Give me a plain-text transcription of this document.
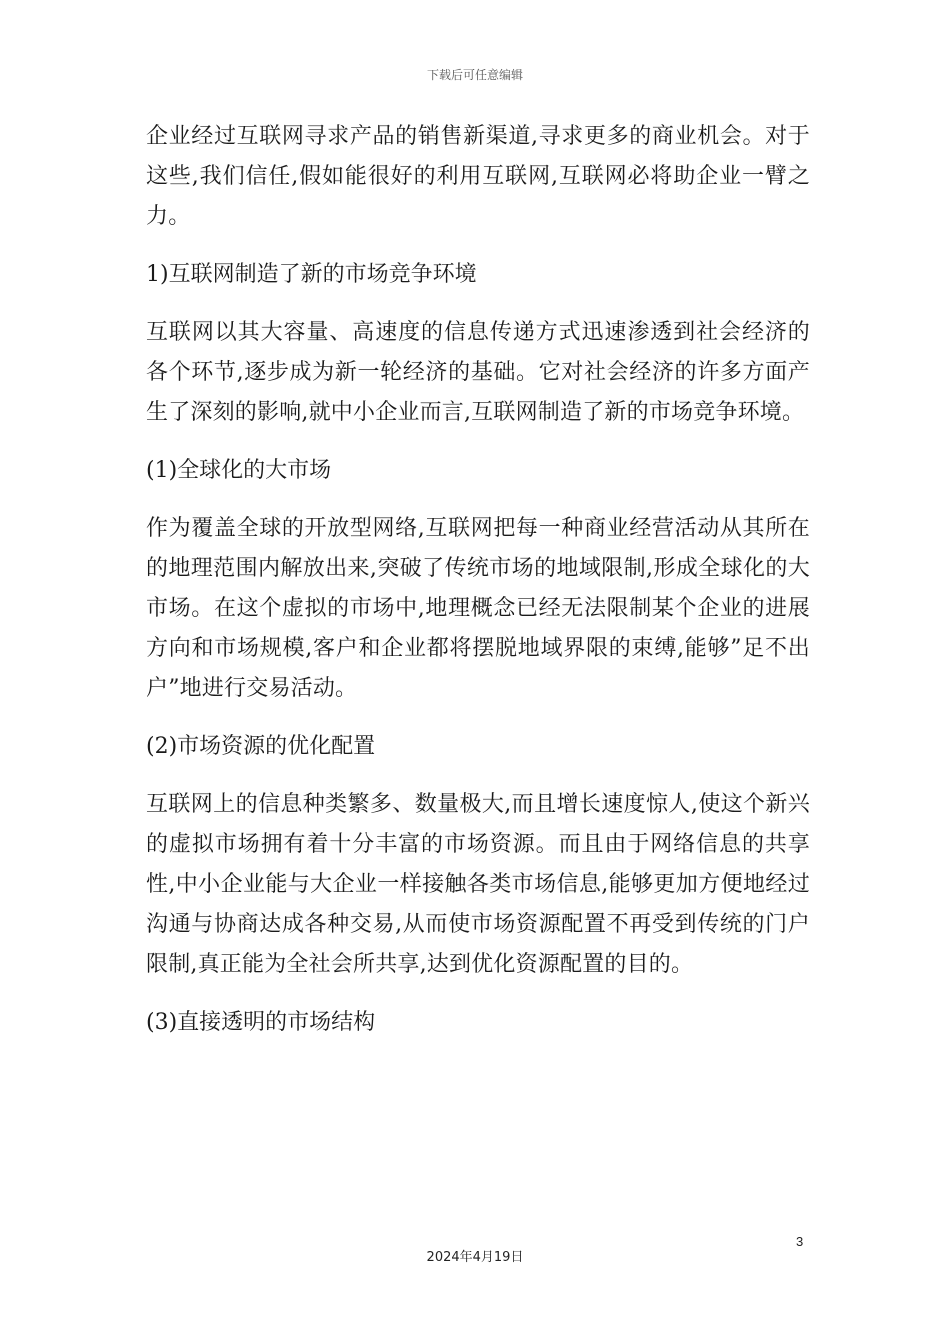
下载后可任意编辑

企业经过互联网寻求产品的销售新渠道,寻求更多的商业机会。对于这些,我们信任,假如能很好的利用互联网,互联网必将助企业一臂之力。

1)互联网制造了新的市场竞争环境

互联网以其大容量、高速度的信息传递方式迅速渗透到社会经济的各个环节,逐步成为新一轮经济的基础。它对社会经济的许多方面产生了深刻的影响,就中小企业而言,互联网制造了新的市场竞争环境。

(1)全球化的大市场

作为覆盖全球的开放型网络,互联网把每一种商业经营活动从其所在的地理范围内解放出来,突破了传统市场的地域限制,形成全球化的大市场。在这个虚拟的市场中,地理概念已经无法限制某个企业的进展方向和市场规模,客户和企业都将摆脱地域界限的束缚,能够”足不出户”地进行交易活动。

(2)市场资源的优化配置

互联网上的信息种类繁多、数量极大,而且增长速度惊人,使这个新兴的虚拟市场拥有着十分丰富的市场资源。而且由于网络信息的共享性,中小企业能与大企业一样接触各类市场信息,能够更加方便地经过沟通与协商达成各种交易,从而使市场资源配置不再受到传统的门户限制,真正能为全社会所共享,达到优化资源配置的目的。

(3)直接透明的市场结构

3
2024年4月19日
